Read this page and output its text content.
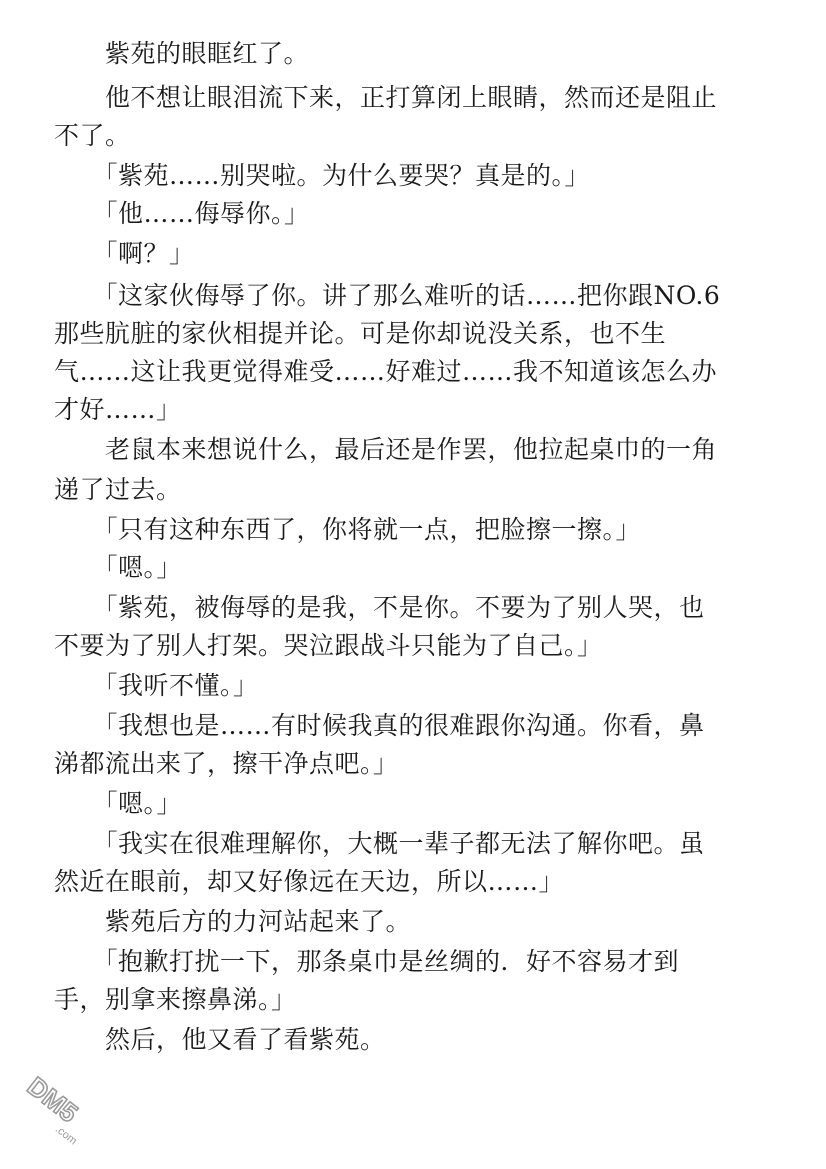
　　紫苑的眼眶红了。
　　他不想让眼泪流下来，正打算闭上眼睛，然而还是阻止
不了。
　　「紫苑……别哭啦。为什么要哭？真是的。」
　　「他……侮辱你。」
　　「啊？」
　　「这家伙侮辱了你。讲了那么难听的话……把你跟NO.6
那些肮脏的家伙相提并论。可是你却说没关系，也不生
气……这让我更觉得难受……好难过……我不知道该怎么办
才好……」
　　老鼠本来想说什么，最后还是作罢，他拉起桌巾的一角
递了过去。
　　「只有这种东西了，你将就一点，把脸擦一擦。」
　　「嗯。」
　　「紫苑，被侮辱的是我，不是你。不要为了别人哭，也
不要为了别人打架。哭泣跟战斗只能为了自己。」
　　「我听不懂。」
　　「我想也是……有时候我真的很难跟你沟通。你看，鼻
涕都流出来了，擦干净点吧。」
　　「嗯。」
　　「我实在很难理解你，大概一辈子都无法了解你吧。虽
然近在眼前，却又好像远在天边，所以……」
　　紫苑后方的力河站起来了。
　　「抱歉打扰一下，那条桌巾是丝绸的．好不容易才到
手，别拿来擦鼻涕。」
　　然后，他又看了看紫苑。
DM5
.com
